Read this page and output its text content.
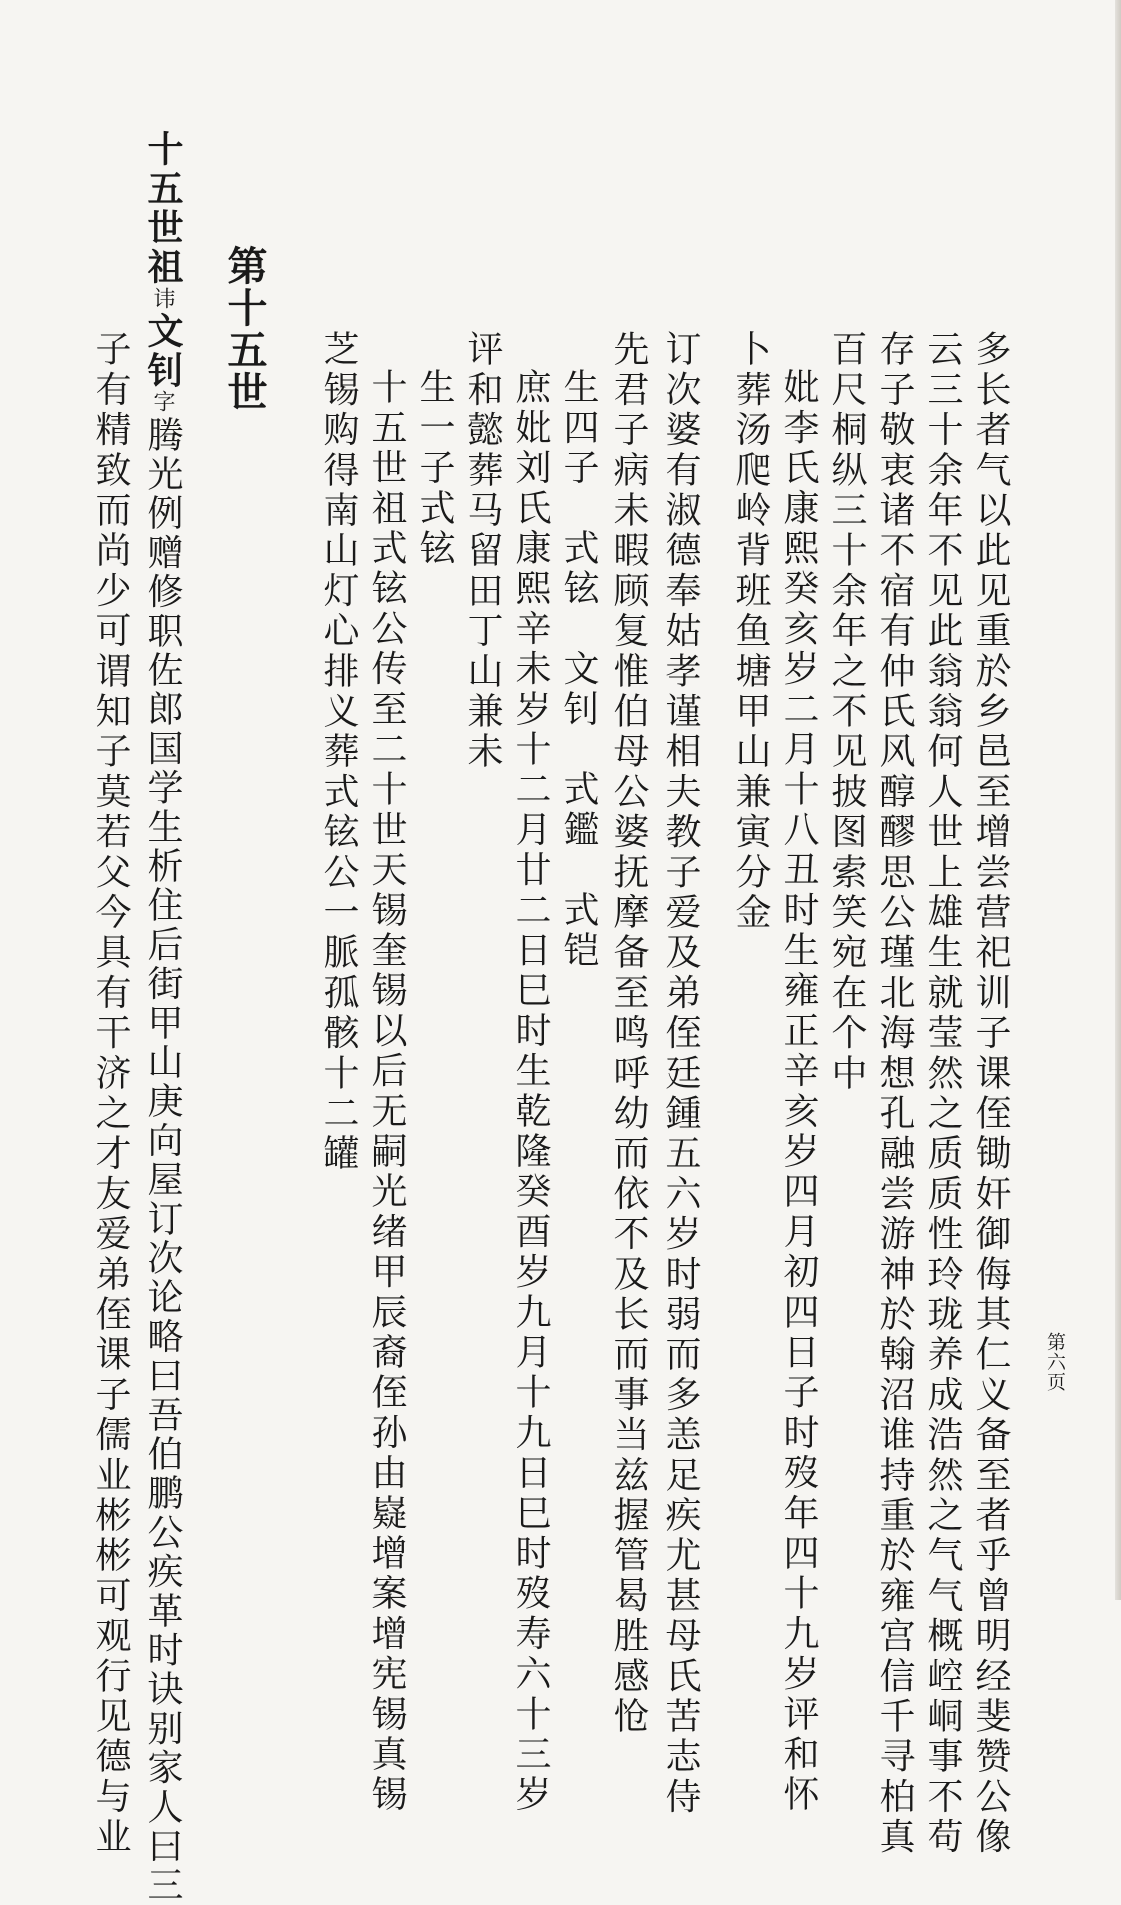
第六页
多长者气以此见重於乡邑至增尝营祀训子课侄锄奸御侮其仁义备至者乎曾明经斐赞公像
云三十余年不见此翁翁何人世上雄生就莹然之质质性玲珑养成浩然之气气概崆峒事不苟
存子敬衷诸不宿有仲氏风醇醪思公瑾北海想孔融尝游神於翰沼谁持重於雍宫信千寻柏真
百尺桐纵三十余年之不见披图索笑宛在个中
妣李氏康熙癸亥岁二月十八丑时生雍正辛亥岁四月初四日子时歿年四十九岁评和怀
卜葬汤爬岭背班鱼塘甲山兼寅分金
订次婆有淑德奉姑孝谨相夫教子爱及弟侄廷鍾五六岁时弱而多恙足疾尤甚母氏苦志侍
先君子病未暇顾复惟伯母公婆抚摩备至鸣呼幼而依不及长而事当兹握管曷胜感怆
生四子　式铉　文钊　式鑑　式铠
庶妣刘氏康熙辛未岁十二月廿二日巳时生乾隆癸酉岁九月十九日巳时歿寿六十三岁
评和懿葬马留田丁山兼未
生一子式铉
十五世祖式铉公传至二十世天锡奎锡以后无嗣光绪甲辰裔侄孙由嶷增案增宪锡真锡
芝锡购得南山灯心排义葬式铉公一脈孤骸十二罐
第十五世
十五世祖讳文钊字腾光例赠修职佐郎国学生析住后街甲山庚向屋订次论略曰吾伯鹏公疾革时诀别家人曰三
子有精致而尚少可谓知子莫若父今具有干济之才友爱弟侄课子儒业彬彬可观行见德与业
